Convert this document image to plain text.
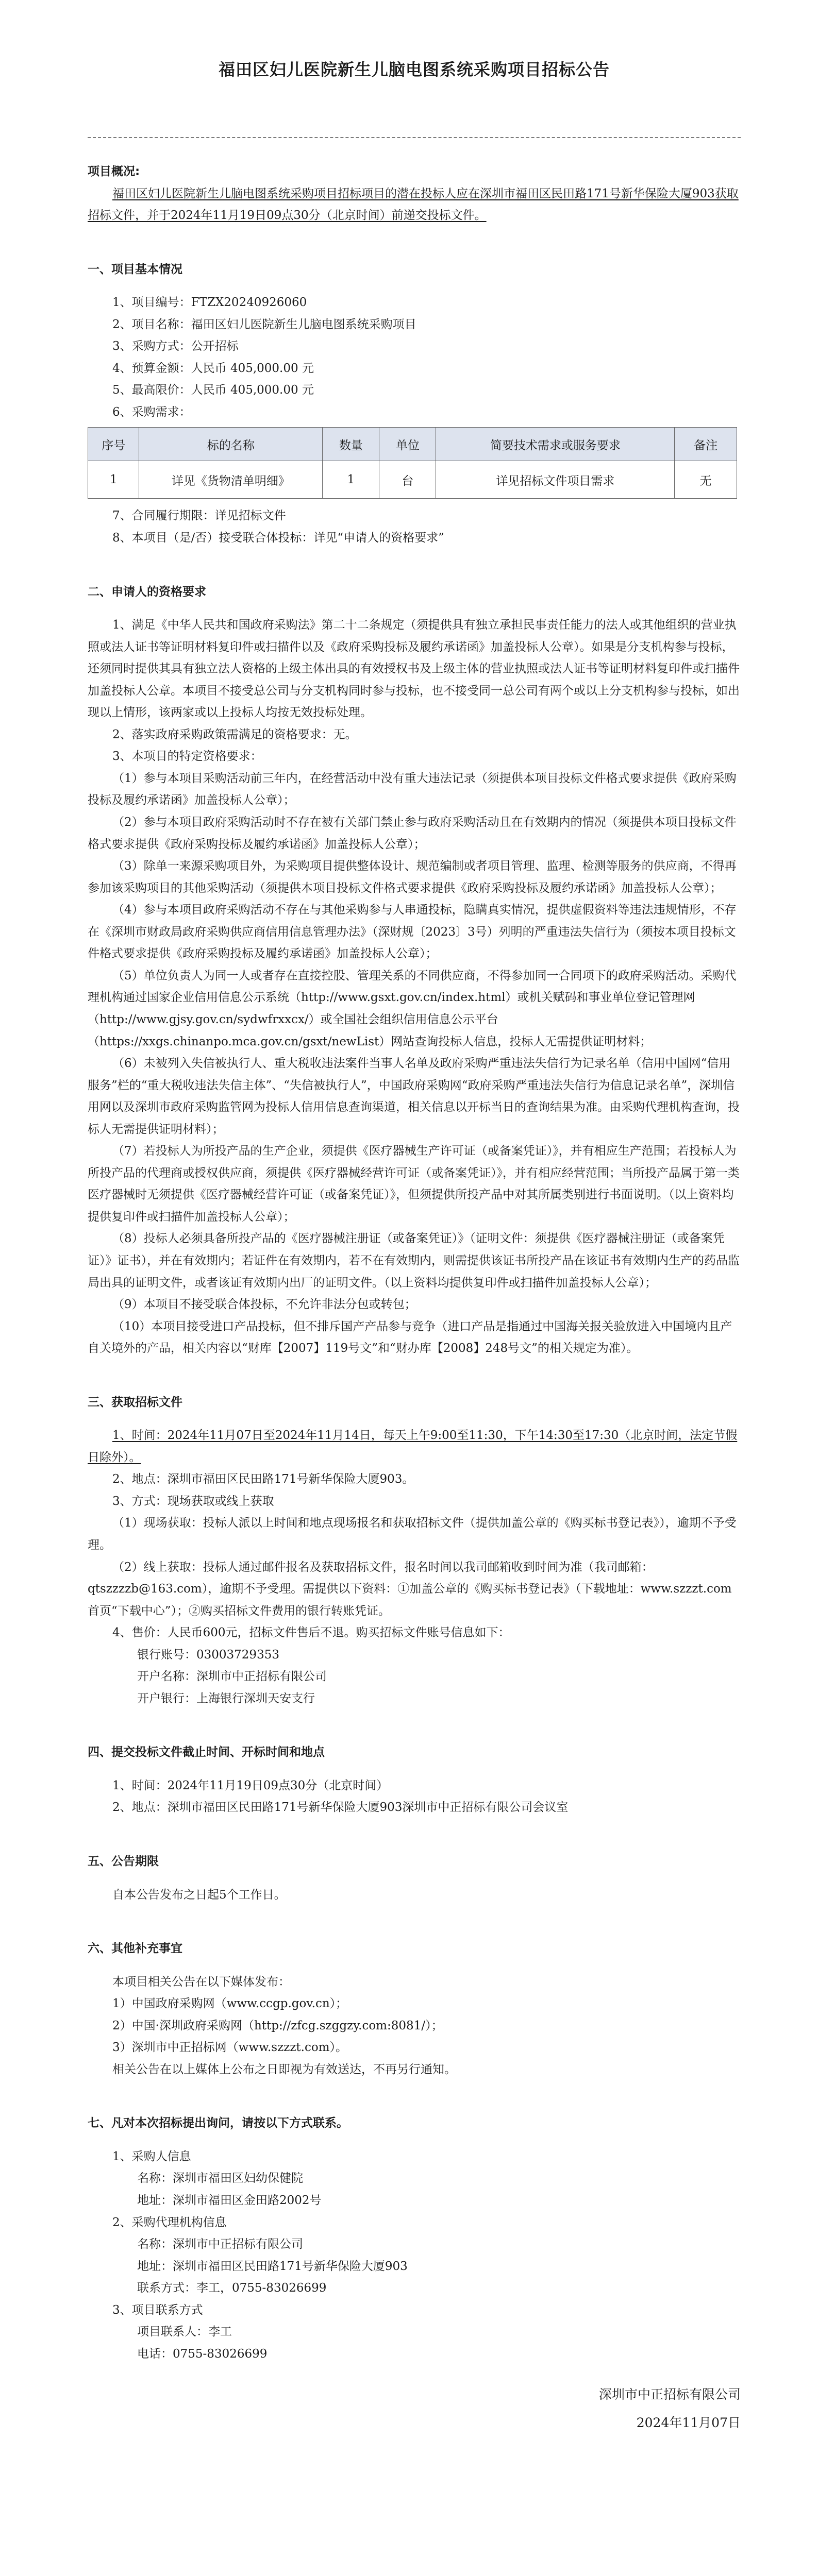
福田区妇儿医院新生儿脑电图系统采购项目招标公告
项目概况:

福田区妇儿医院新生儿脑电图系统采购项目招标项目的潜在投标人应在深圳市福田区民田路171号新华保险大厦903获取招标文件，并于2024年11月19日09点30分（北京时间）前递交投标文件。

一、项目基本情况

1、项目编号：FTZX20240926060

2、项目名称：福田区妇儿医院新生儿脑电图系统采购项目

3、采购方式：公开招标

4、预算金额：人民币 405,000.00 元

5、最高限价：人民币 405,000.00 元

6、采购需求：

序号	标的名称	数量	单位	简要技术需求或服务要求	备注
1	详见《货物清单明细》	1	台	详见招标文件项目需求	无

7、合同履行期限：详见招标文件

8、本项目（是/否）接受联合体投标：详见“申请人的资格要求”

二、申请人的资格要求

1、满足《中华人民共和国政府采购法》第二十二条规定（须提供具有独立承担民事责任能力的法人或其他组织的营业执照或法人证书等证明材料复印件或扫描件以及《政府采购投标及履约承诺函》加盖投标人公章）。如果是分支机构参与投标，还须同时提供其具有独立法人资格的上级主体出具的有效授权书及上级主体的营业执照或法人证书等证明材料复印件或扫描件加盖投标人公章。本项目不接受总公司与分支机构同时参与投标，也不接受同一总公司有两个或以上分支机构参与投标，如出现以上情形，该两家或以上投标人均按无效投标处理。

2、落实政府采购政策需满足的资格要求：无。

3、本项目的特定资格要求：

（1）参与本项目采购活动前三年内，在经营活动中没有重大违法记录（须提供本项目投标文件格式要求提供《政府采购投标及履约承诺函》加盖投标人公章）；

（2）参与本项目政府采购活动时不存在被有关部门禁止参与政府采购活动且在有效期内的情况（须提供本项目投标文件格式要求提供《政府采购投标及履约承诺函》加盖投标人公章）；

（3）除单一来源采购项目外，为采购项目提供整体设计、规范编制或者项目管理、监理、检测等服务的供应商，不得再参加该采购项目的其他采购活动（须提供本项目投标文件格式要求提供《政府采购投标及履约承诺函》加盖投标人公章）；

（4）参与本项目政府采购活动不存在与其他采购参与人串通投标，隐瞒真实情况，提供虚假资料等违法违规情形，不存在《深圳市财政局政府采购供应商信用信息管理办法》（深财规〔2023〕3号）列明的严重违法失信行为（须按本项目投标文件格式要求提供《政府采购投标及履约承诺函》加盖投标人公章）；

（5）单位负责人为同一人或者存在直接控股、管理关系的不同供应商，不得参加同一合同项下的政府采购活动。采购代理机构通过国家企业信用信息公示系统（http://www.gsxt.gov.cn/index.html）或机关赋码和事业单位登记管理网（http://www.gjsy.gov.cn/sydwfrxxcx/）或全国社会组织信用信息公示平台（https://xxgs.chinanpo.mca.gov.cn/gsxt/newList）网站查询投标人信息，投标人无需提供证明材料；

（6）未被列入失信被执行人、重大税收违法案件当事人名单及政府采购严重违法失信行为记录名单（信用中国网“信用服务”栏的“重大税收违法失信主体”、“失信被执行人”，中国政府采购网“政府采购严重违法失信行为信息记录名单”，深圳信用网以及深圳市政府采购监管网为投标人信用信息查询渠道，相关信息以开标当日的查询结果为准。由采购代理机构查询，投标人无需提供证明材料）；

（7）若投标人为所投产品的生产企业，须提供《医疗器械生产许可证（或备案凭证）》，并有相应生产范围；若投标人为所投产品的代理商或授权供应商，须提供《医疗器械经营许可证（或备案凭证）》，并有相应经营范围；当所投产品属于第一类医疗器械时无须提供《医疗器械经营许可证（或备案凭证）》，但须提供所投产品中对其所属类别进行书面说明。（以上资料均提供复印件或扫描件加盖投标人公章）；

（8）投标人必须具备所投产品的《医疗器械注册证（或备案凭证）》（证明文件：须提供《医疗器械注册证（或备案凭证）》证书），并在有效期内；若证件在有效期内，若不在有效期内，则需提供该证书所投产品在该证书有效期内生产的药品监局出具的证明文件，或者该证有效期内出厂的证明文件。（以上资料均提供复印件或扫描件加盖投标人公章）；

（9）本项目不接受联合体投标，不允许非法分包或转包；

（10）本项目接受进口产品投标，但不排斥国产产品参与竞争（进口产品是指通过中国海关报关验放进入中国境内且产自关境外的产品，相关内容以“财库【2007】119号文”和“财办库【2008】248号文”的相关规定为准）。

三、获取招标文件

1、时间：2024年11月07日至2024年11月14日，每天上午9:00至11:30，下午14:30至17:30（北京时间，法定节假日除外）。

2、地点：深圳市福田区民田路171号新华保险大厦903。

3、方式：现场获取或线上获取

（1）现场获取：投标人派以上时间和地点现场报名和获取招标文件（提供加盖公章的《购买标书登记表》），逾期不予受理。

（2）线上获取：投标人通过邮件报名及获取招标文件，报名时间以我司邮箱收到时间为准（我司邮箱：qtszzzzb@163.com），逾期不予受理。需提供以下资料：①加盖公章的《购买标书登记表》（下载地址：www.szzzt.com 首页“下载中心”）；②购买招标文件费用的银行转账凭证。

4、售价：人民币600元，招标文件售后不退。购买招标文件账号信息如下：

银行账号：03003729353

开户名称：深圳市中正招标有限公司

开户银行：上海银行深圳天安支行

四、提交投标文件截止时间、开标时间和地点

1、时间：2024年11月19日09点30分（北京时间）

2、地点：深圳市福田区民田路171号新华保险大厦903深圳市中正招标有限公司会议室

五、公告期限

自本公告发布之日起5个工作日。

六、其他补充事宜

本项目相关公告在以下媒体发布：

1）中国政府采购网（www.ccgp.gov.cn）；

2）中国·深圳政府采购网（http://zfcg.szggzy.com:8081/）；

3）深圳市中正招标网（www.szzzt.com）。

相关公告在以上媒体上公布之日即视为有效送达，不再另行通知。

七、凡对本次招标提出询问，请按以下方式联系。

1、采购人信息

名称：深圳市福田区妇幼保健院

地址：深圳市福田区金田路2002号

2、采购代理机构信息

名称：深圳市中正招标有限公司

地址：深圳市福田区民田路171号新华保险大厦903

联系方式：李工，0755-83026699

3、项目联系方式

项目联系人：李工

电话：0755-83026699

深圳市中正招标有限公司
2024年11月07日
